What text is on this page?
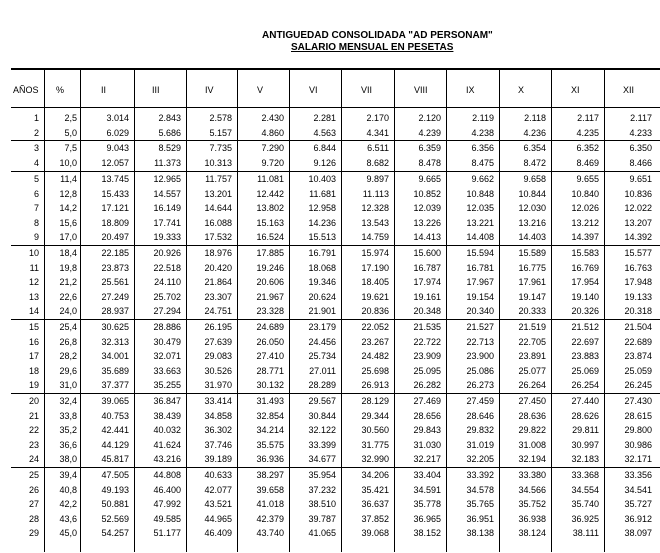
ANTIGUEDAD CONSOLIDADA "AD PERSONAM"
SALARIO MENSUAL EN PESETAS
AÑOS %	II	III	IV	V	VI	VII	VIII	IX	X	XI	XII
1	2,5	3.014	2.843	2.578	2.430	2.281	2.170	2.120	2.119	2.118	2.117	2.117
2	5,0	6.029	5.686	5.157	4.860	4.563	4.341	4.239	4.238	4.236	4.235	4.233
3	7,5	9.043	8.529	7.735	7.290	6.844	6.511	6.359	6.356	6.354	6.352	6.350
4 10,0	12.057	11.373	10.313	9.720	9.126	8.682	8.478	8.475	8.472	8.469	8.466
5 11,4	13.745	12.965	11.757	11.081	10.403	9.897	9.665	9.662	9.658	9.655	9.651
6 12,8	15.433	14.557	13.201	12.442	11.681	11.113	10.852	10.848	10.844	10.840	10.836
7 14,2	17.121	16.149	14.644	13.802	12.958	12.328	12.039	12.035	12.030	12.026	12.022
8 15,6	18.809	17.741	16.088	15.163	14.236	13.543	13.226	13.221	13.216	13.212	13.207
9 17,0	20.497	19.333	17.532	16.524	15.513	14.759	14.413	14.408	14.403	14.397	14.392
10 18,4	22.185	20.926	18.976	17.885	16.791	15.974	15.600	15.594	15.589	15.583	15.577
11 19,8	23.873	22.518	20.420	19.246	18.068	17.190	16.787	16.781	16.775	16.769	16.763
12 21,2	25.561	24.110	21.864	20.606	19.346	18.405	17.974	17.967	17.961	17.954	17.948
13 22,6	27.249	25.702	23.307	21.967	20.624	19.621	19.161	19.154	19.147	19.140	19.133
14 24,0	28.937	27.294	24.751	23.328	21.901	20.836	20.348	20.340	20.333	20.326	20.318
15 25,4	30.625	28.886	26.195	24.689	23.179	22.052	21.535	21.527	21.519	21.512	21.504
16 26,8	32.313	30.479	27.639	26.050	24.456	23.267	22.722	22.713	22.705	22.697	22.689
17 28,2	34.001	32.071	29.083	27.410	25.734	24.482	23.909	23.900	23.891	23.883	23.874
18 29,6	35.689	33.663	30.526	28.771	27.011	25.698	25.095	25.086	25.077	25.069	25.059
19 31,0	37.377	35.255	31.970	30.132	28.289	26.913	26.282	26.273	26.264	26.254	26.245
20 32,4	39.065	36.847	33.414	31.493	29.567	28.129	27.469	27.459	27.450	27.440	27.430
21 33,8	40.753	38.439	34.858	32.854	30.844	29.344	28.656	28.646	28.636	28.626	28.615
22 35,2	42.441	40.032	36.302	34.214	32.122	30.560	29.843	29.832	29.822	29.811	29.800
23 36,6	44.129	41.624	37.746	35.575	33.399	31.775	31.030	31.019	31.008	30.997	30.986
24 38,0	45.817	43.216	39.189	36.936	34.677	32.990	32.217	32.205	32.194	32.183	32.171
25 39,4	47.505	44.808	40.633	38.297	35.954	34.206	33.404	33.392	33.380	33.368	33.356
26 40,8	49.193	46.400	42.077	39.658	37.232	35.421	34.591	34.578	34.566	34.554	34.541
27 42,2	50.881	47.992	43.521	41.018	38.510	36.637	35.778	35.765	35.752	35.740	35.727
28 43,6	52.569	49.585	44.965	42.379	39.787	37.852	36.965	36.951	36.938	36.925	36.912
29 45,0	54.257	51.177	46.409	43.740	41.065	39.068	38.152	38.138	38.124	38.111	38.097
